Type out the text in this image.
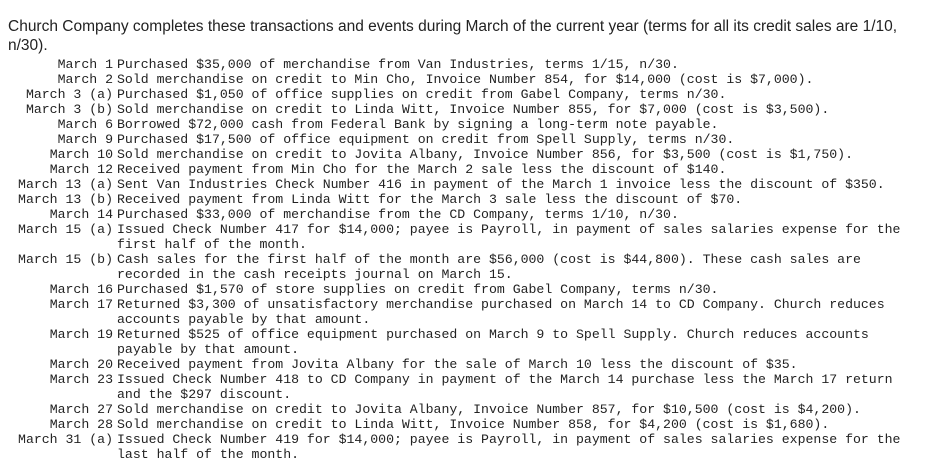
Church Company completes these transactions and events during March of the current year (terms for all its credit sales are 1/10, n/30).

March 1	Purchased $35,000 of merchandise from Van Industries, terms 1/15, n/30.
March 2	Sold merchandise on credit to Min Cho, Invoice Number 854, for $14,000 (cost is $7,000).
March 3 (a)	Purchased $1,050 of office supplies on credit from Gabel Company, terms n/30.
March 3 (b)	Sold merchandise on credit to Linda Witt, Invoice Number 855, for $7,000 (cost is $3,500).
March 6	Borrowed $72,000 cash from Federal Bank by signing a long-term note payable.
March 9	Purchased $17,500 of office equipment on credit from Spell Supply, terms n/30.
March 10	Sold merchandise on credit to Jovita Albany, Invoice Number 856, for $3,500 (cost is $1,750).
March 12	Received payment from Min Cho for the March 2 sale less the discount of $140.
March 13 (a)	Sent Van Industries Check Number 416 in payment of the March 1 invoice less the discount of $350.
March 13 (b)	Received payment from Linda Witt for the March 3 sale less the discount of $70.
March 14	Purchased $33,000 of merchandise from the CD Company, terms 1/10, n/30.
March 15 (a)	Issued Check Number 417 for $14,000; payee is Payroll, in payment of sales salaries expense for the first half of the month.
March 15 (b)	Cash sales for the first half of the month are $56,000 (cost is $44,800). These cash sales are recorded in the cash receipts journal on March 15.
March 16	Purchased $1,570 of store supplies on credit from Gabel Company, terms n/30.
March 17	Returned $3,300 of unsatisfactory merchandise purchased on March 14 to CD Company. Church reduces accounts payable by that amount.
March 19	Returned $525 of office equipment purchased on March 9 to Spell Supply. Church reduces accounts payable by that amount.
March 20	Received payment from Jovita Albany for the sale of March 10 less the discount of $35.
March 23	Issued Check Number 418 to CD Company in payment of the March 14 purchase less the March 17 return and the $297 discount.
March 27	Sold merchandise on credit to Jovita Albany, Invoice Number 857, for $10,500 (cost is $4,200).
March 28	Sold merchandise on credit to Linda Witt, Invoice Number 858, for $4,200 (cost is $1,680).
March 31 (a)	Issued Check Number 419 for $14,000; payee is Payroll, in payment of sales salaries expense for the last half of the month.
